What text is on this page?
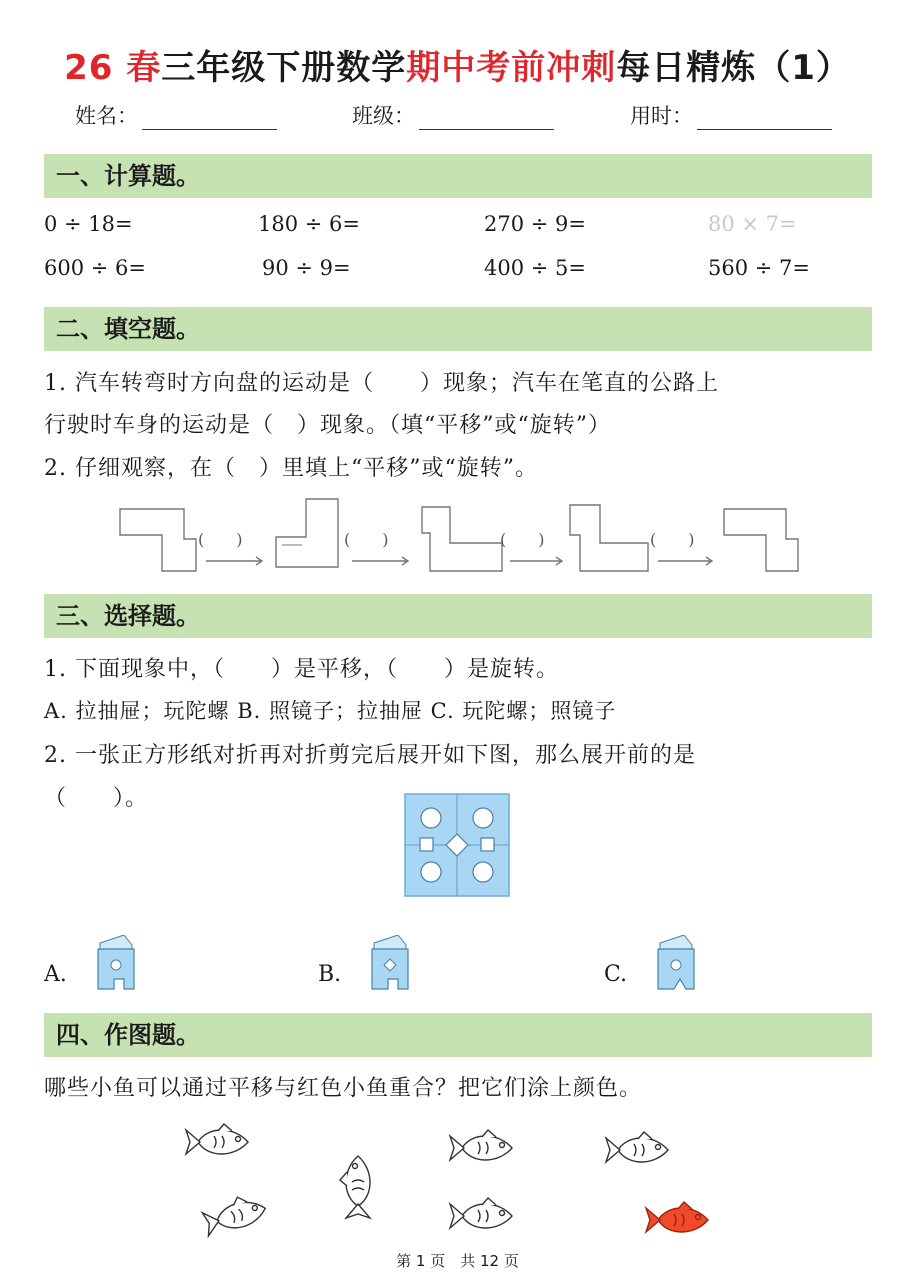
26 春三年级下册数学期中考前冲刺每日精炼（1）
姓名：	班级：	用时：
一、计算题。
0 ÷ 18=	180 ÷ 6=	270 ÷ 9=	80 × 7=
600 ÷ 6=	90 ÷ 9=	400 ÷ 5=	560 ÷ 7=
二、填空题。
1. 汽车转弯时方向盘的运动是（　　）现象；汽车在笔直的公路上
行驶时车身的运动是（　）现象。（填“平移”或“旋转”）
2. 仔细观察，在（　）里填上“平移”或“旋转”。
(　　)	(　　)	(　　)	(　　)
三、选择题。
1. 下面现象中，（　　）是平移，（　　）是旋转。
A. 拉抽屉；玩陀螺 B. 照镜子；拉抽屉 C. 玩陀螺；照镜子
2. 一张正方形纸对折再对折剪完后展开如下图，那么展开前的是
（　　）。
A.	B.	C.
四、作图题。
哪些小鱼可以通过平移与红色小鱼重合？把它们涂上颜色。
第 1 页　共 12 页
